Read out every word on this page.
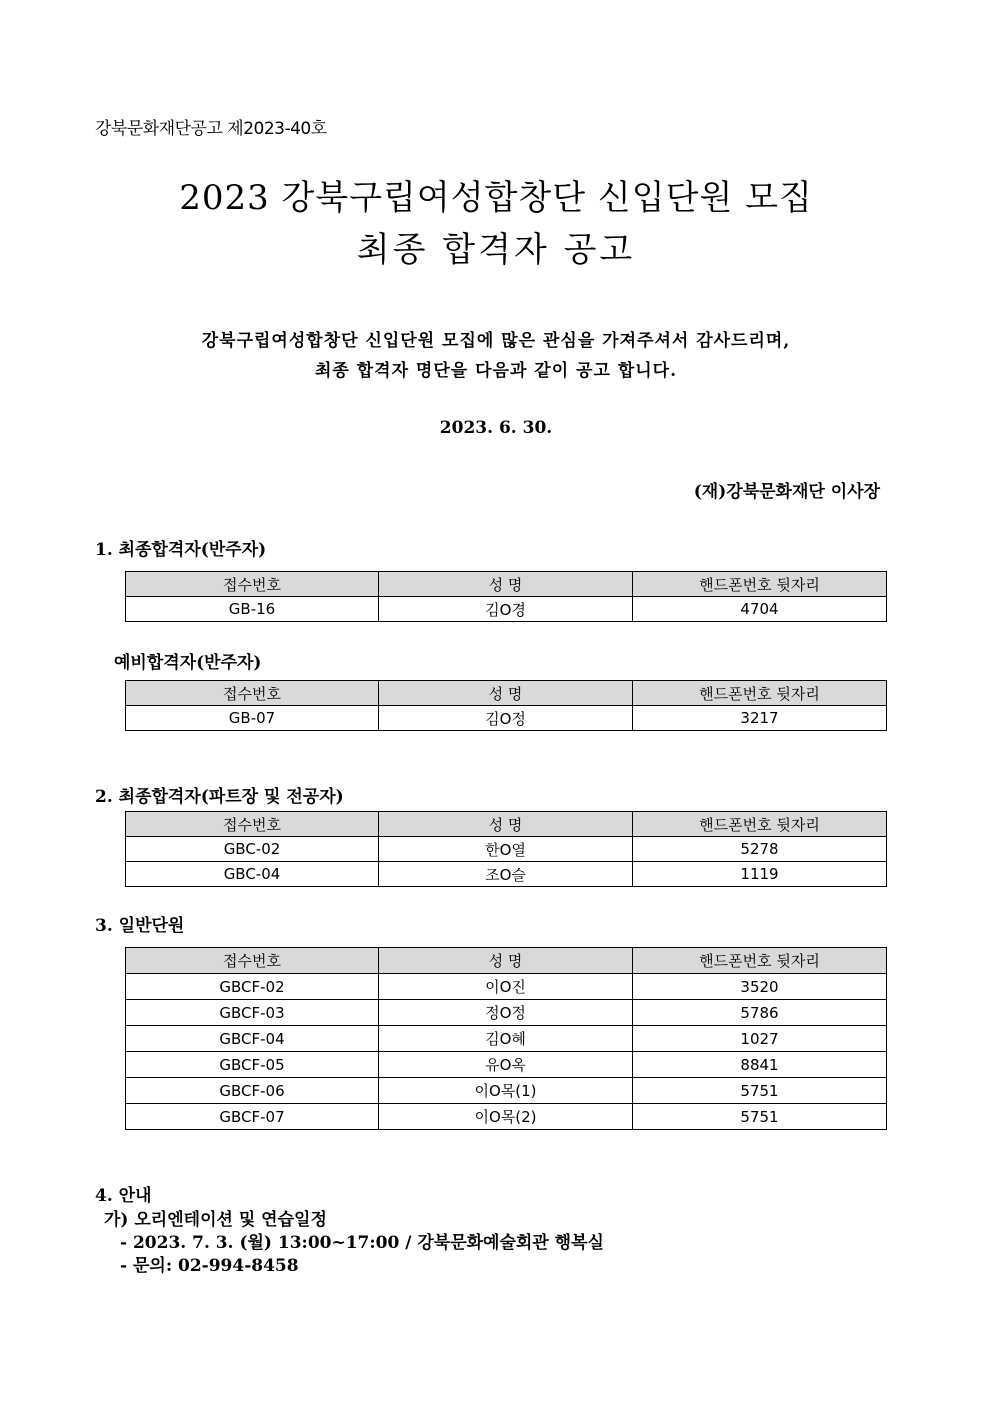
강북문화재단공고 제2023-40호
2023 강북구립여성합창단 신입단원 모집
최종 합격자 공고
강북구립여성합창단 신입단원 모집에 많은 관심을 가져주셔서 감사드리며,
최종 합격자 명단을 다음과 같이 공고 합니다.
2023. 6. 30.
(재)강북문화재단 이사장
1. 최종합격자(반주자)
접수번호	성 명	핸드폰번호 뒷자리
GB-16	김O경	4704
예비합격자(반주자)
접수번호	성 명	핸드폰번호 뒷자리
GB-07	김O정	3217
2. 최종합격자(파트장 및 전공자)
접수번호	성 명	핸드폰번호 뒷자리
GBC-02	한O열	5278
GBC-04	조O슬	1119
3. 일반단원
접수번호	성 명	핸드폰번호 뒷자리
GBCF-02	이O진	3520
GBCF-03	정O정	5786
GBCF-04	김O혜	1027
GBCF-05	유O옥	8841
GBCF-06	이O목(1)	5751
GBCF-07	이O목(2)	5751
4. 안내
가) 오리엔테이션 및 연습일정
- 2023. 7. 3. (월) 13:00~17:00 / 강북문화예술회관 행복실
- 문의: 02-994-8458
